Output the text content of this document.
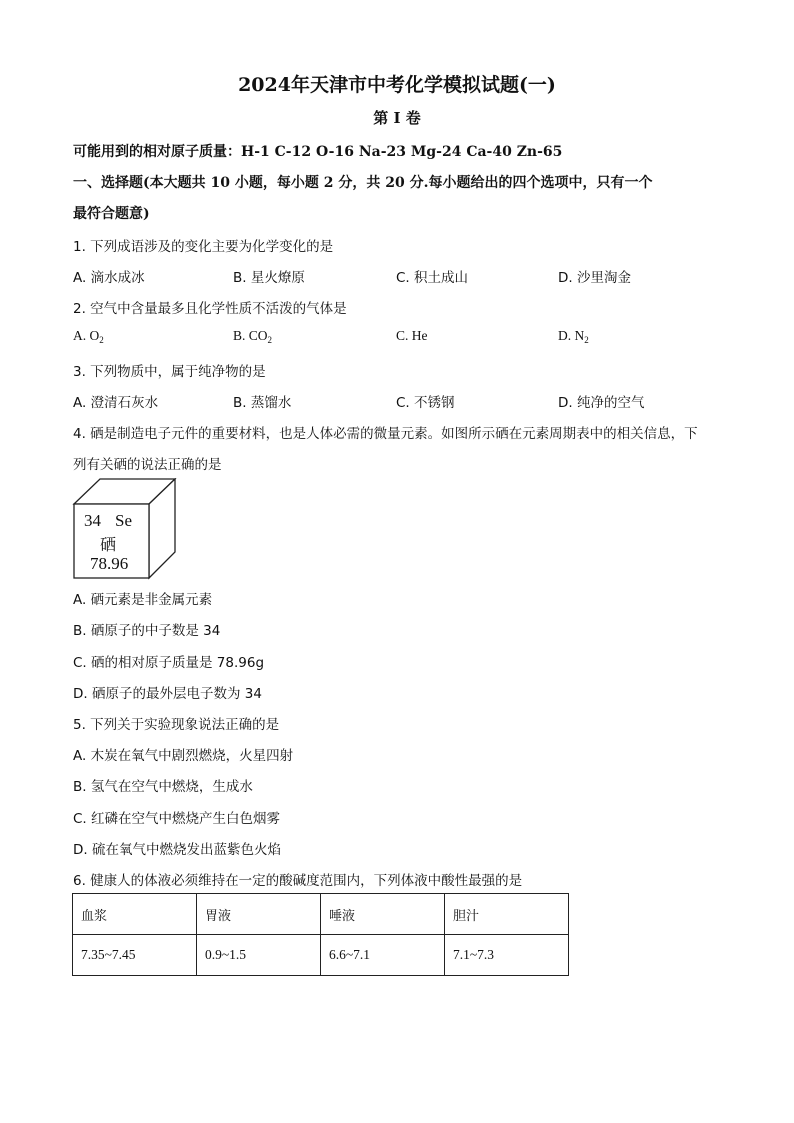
2024年天津市中考化学模拟试题(一)
第 I 卷
可能用到的相对原子质量：H-1 C-12 O-16 Na-23 Mg-24 Ca-40 Zn-65
一、选择题(本大题共 10 小题，每小题 2 分，共 20 分.每小题给出的四个选项中，只有一个
最符合题意)
1. 下列成语涉及的变化主要为化学变化的是
A. 滴水成冰	B. 星火燎原	C. 积土成山	D. 沙里淘金
2. 空气中含量最多且化学性质不活泼的气体是
A. $O_2$	B. $CO_2$	C. He	D. $N_2$
3. 下列物质中，属于纯净物的是
A. 澄清石灰水	B. 蒸馏水	C. 不锈钢	D. 纯净的空气
4. 硒是制造电子元件的重要材料，也是人体必需的微量元素。如图所示硒在元素周期表中的相关信息，下
列有关硒的说法正确的是
34 Se
硒
78.96
A. 硒元素是非金属元素
B. 硒原子的中子数是 34
C. 硒的相对原子质量是 78.96g
D. 硒原子的最外层电子数为 34
5. 下列关于实验现象说法正确的是
A. 木炭在氧气中剧烈燃烧，火星四射
B. 氢气在空气中燃烧，生成水
C. 红磷在空气中燃烧产生白色烟雾
D. 硫在氧气中燃烧发出蓝紫色火焰
6. 健康人的体液必须维持在一定的酸碱度范围内，下列体液中酸性最强的是
血浆	胃液	唾液	胆汁
7.35~7.45	0.9~1.5	6.6~7.1	7.1~7.3
